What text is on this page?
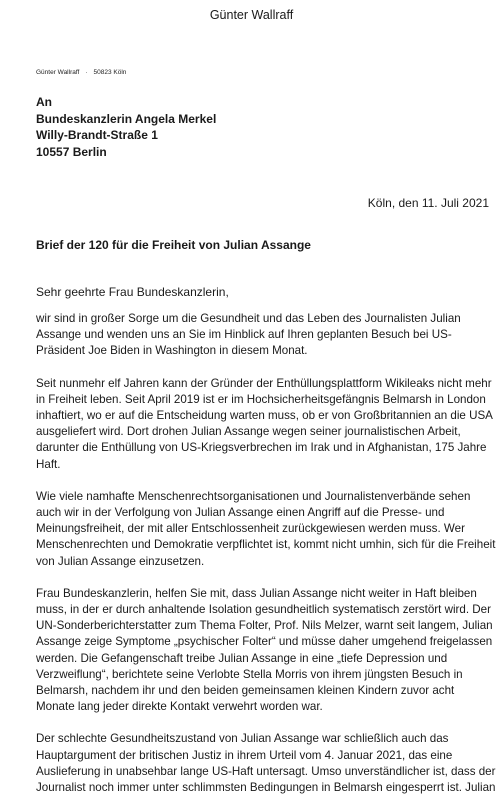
Günter Wallraff
Günter Wallraff · 50823 Köln
An
Bundeskanzlerin Angela Merkel
Willy-Brandt-Straße 1
10557 Berlin
Köln, den 11. Juli 2021
Brief der 120 für die Freiheit von Julian Assange
Sehr geehrte Frau Bundeskanzlerin,

wir sind in großer Sorge um die Gesundheit und das Leben des Journalisten Julian Assange und wenden uns an Sie im Hinblick auf Ihren geplanten Besuch bei US-Präsident Joe Biden in Washington in diesem Monat.

Seit nunmehr elf Jahren kann der Gründer der Enthüllungsplattform Wikileaks nicht mehr in Freiheit leben. Seit April 2019 ist er im Hochsicherheitsgefängnis Belmarsh in London inhaftiert, wo er auf die Entscheidung warten muss, ob er von Großbritannien an die USA ausgeliefert wird. Dort drohen Julian Assange wegen seiner journalistischen Arbeit, darunter die Enthüllung von US-Kriegsverbrechen im Irak und in Afghanistan, 175 Jahre Haft.

Wie viele namhafte Menschenrechtsorganisationen und Journalistenverbände sehen auch wir in der Verfolgung von Julian Assange einen Angriff auf die Presse- und Meinungsfreiheit, der mit aller Entschlossenheit zurückgewiesen werden muss. Wer Menschenrechten und Demokratie verpflichtet ist, kommt nicht umhin, sich für die Freiheit von Julian Assange einzusetzen.

Frau Bundeskanzlerin, helfen Sie mit, dass Julian Assange nicht weiter in Haft bleiben muss, in der er durch anhaltende Isolation gesundheitlich systematisch zerstört wird. Der UN-Sonderberichterstatter zum Thema Folter, Prof. Nils Melzer, warnt seit langem, Julian Assange zeige Symptome „psychischer Folter“ und müsse daher umgehend freigelassen werden. Die Gefangenschaft treibe Julian Assange in eine „tiefe Depression und Verzweiflung“, berichtete seine Verlobte Stella Morris von ihrem jüngsten Besuch in Belmarsh, nachdem ihr und den beiden gemeinsamen kleinen Kindern zuvor acht Monate lang jeder direkte Kontakt verwehrt worden war.

Der schlechte Gesundheitszustand von Julian Assange war schließlich auch das Hauptargument der britischen Justiz in ihrem Urteil vom 4. Januar 2021, das eine Auslieferung in unabsehbar lange US-Haft untersagt. Umso unverständlicher ist, dass der Journalist noch immer unter schlimmsten Bedingungen in Belmarsh eingesperrt ist. Julian
